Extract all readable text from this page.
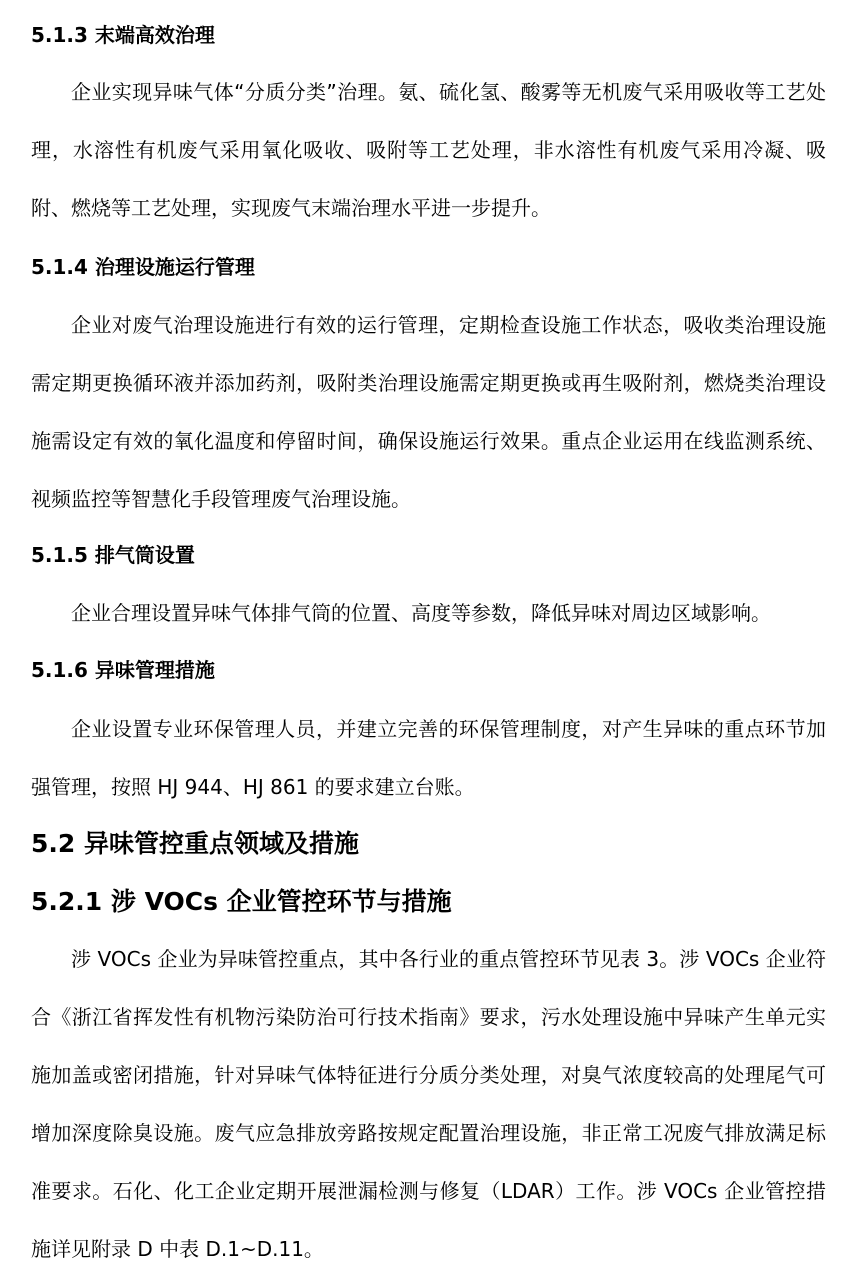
5.1.3 末端高效治理

企业实现异味气体“分质分类”治理。氨、硫化氢、酸雾等无机废气采用吸收等工艺处理，水溶性有机废气采用氧化吸收、吸附等工艺处理，非水溶性有机废气采用冷凝、吸附、燃烧等工艺处理，实现废气末端治理水平进一步提升。

5.1.4 治理设施运行管理

企业对废气治理设施进行有效的运行管理，定期检查设施工作状态，吸收类治理设施需定期更换循环液并添加药剂，吸附类治理设施需定期更换或再生吸附剂，燃烧类治理设施需设定有效的氧化温度和停留时间，确保设施运行效果。重点企业运用在线监测系统、视频监控等智慧化手段管理废气治理设施。

5.1.5 排气筒设置

企业合理设置异味气体排气筒的位置、高度等参数，降低异味对周边区域影响。

5.1.6 异味管理措施

企业设置专业环保管理人员，并建立完善的环保管理制度，对产生异味的重点环节加强管理，按照 HJ 944、HJ 861 的要求建立台账。

5.2 异味管控重点领域及措施
5.2.1 涉 VOCs 企业管控环节与措施

涉 VOCs 企业为异味管控重点，其中各行业的重点管控环节见表 3。涉 VOCs 企业符合《浙江省挥发性有机物污染防治可行技术指南》要求，污水处理设施中异味产生单元实施加盖或密闭措施，针对异味气体特征进行分质分类处理，对臭气浓度较高的处理尾气可增加深度除臭设施。废气应急排放旁路按规定配置治理设施，非正常工况废气排放满足标准要求。石化、化工企业定期开展泄漏检测与修复（LDAR）工作。涉 VOCs 企业管控措施详见附录 D 中表 D.1~D.11。
